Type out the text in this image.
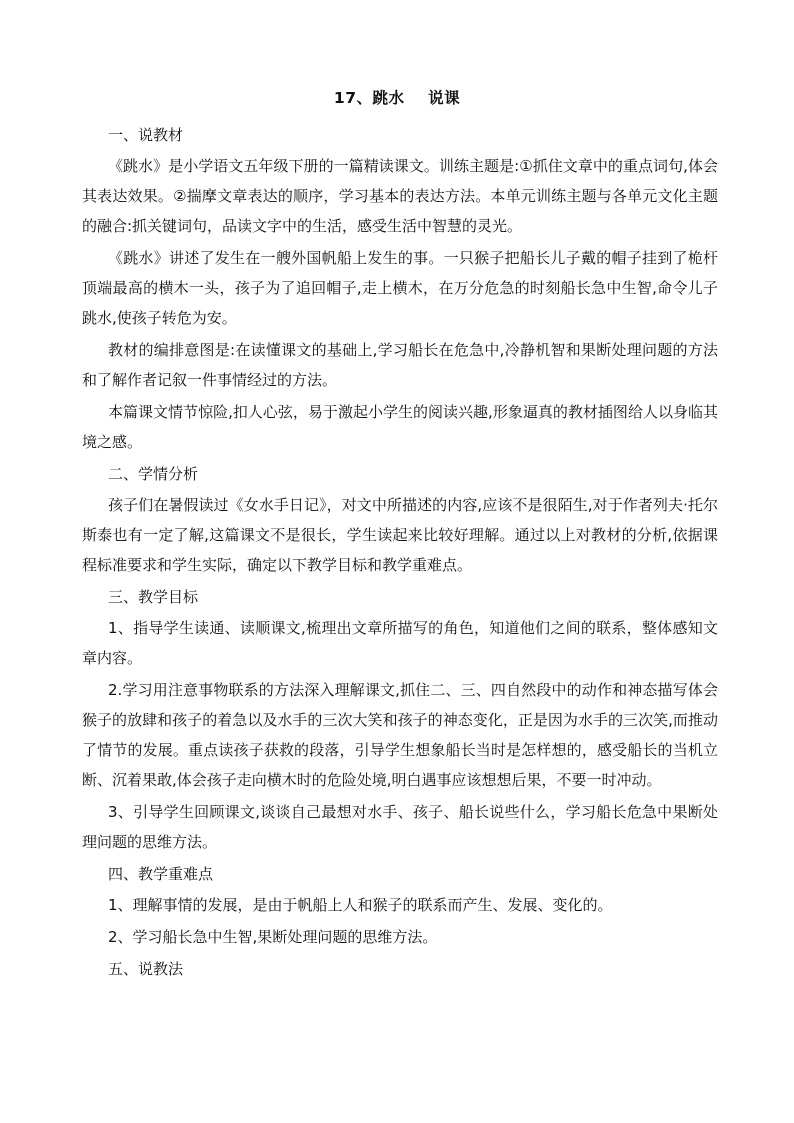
17、跳水    说课
一、说教材
《跳水》是小学语文五年级下册的一篇精读课文。训练主题是:①抓住文章中的重点词句,体会其表达效果。②揣摩文章表达的顺序，学习基本的表达方法。本单元训练主题与各单元文化主题的融合:抓关键词句，品读文字中的生活，感受生活中智慧的灵光。
《跳水》讲述了发生在一艘外国帆船上发生的事。一只猴子把船长儿子戴的帽子挂到了桅杆顶端最高的横木一头，孩子为了追回帽子,走上横木，在万分危急的时刻船长急中生智,命令儿子跳水,使孩子转危为安。
教材的编排意图是:在读懂课文的基础上,学习船长在危急中,冷静机智和果断处理问题的方法和了解作者记叙一件事情经过的方法。
本篇课文情节惊险,扣人心弦，易于激起小学生的阅读兴趣,形象逼真的教材插图给人以身临其境之感。
二、学情分析
孩子们在暑假读过《女水手日记》，对文中所描述的内容,应该不是很陌生,对于作者列夫·托尔斯泰也有一定了解,这篇课文不是很长，学生读起来比较好理解。通过以上对教材的分析,依据课程标准要求和学生实际，确定以下教学目标和教学重难点。
三、教学目标
1、指导学生读通、读顺课文,梳理出文章所描写的角色，知道他们之间的联系，整体感知文章内容。
2.学习用注意事物联系的方法深入理解课文,抓住二、三、四自然段中的动作和神态描写体会猴子的放肆和孩子的着急以及水手的三次大笑和孩子的神态变化，正是因为水手的三次笑,而推动了情节的发展。重点读孩子获救的段落，引导学生想象船长当时是怎样想的，感受船长的当机立断、沉着果敢,体会孩子走向横木时的危险处境,明白遇事应该想想后果，不要一时冲动。
3、引导学生回顾课文,谈谈自己最想对水手、孩子、船长说些什么，学习船长危急中果断处理问题的思维方法。
四、教学重难点
1、理解事情的发展，是由于帆船上人和猴子的联系而产生、发展、变化的。
2、学习船长急中生智,果断处理问题的思维方法。
五、说教法
